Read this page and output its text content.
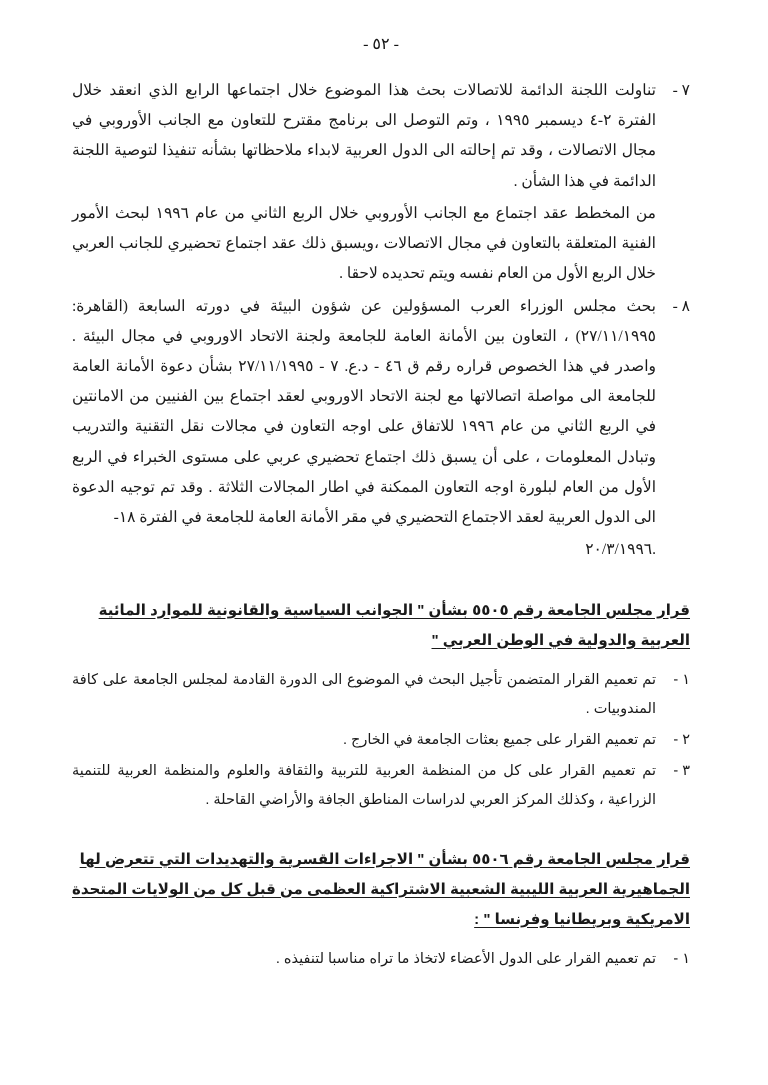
- ٥٢ -
٧ -
تناولت اللجنة الدائمة للاتصالات بحث هذا الموضوع خلال اجتماعها الرابع الذي انعقد خلال الفترة ٢-٤ ديسمبر ١٩٩٥ ، وتم التوصل الى برنامج مقترح للتعاون مع الجانب الأوروبي في مجال الاتصالات ، وقد تم إحالته الى الدول العربية لابداء ملاحظاتها بشأنه تنفيذا لتوصية اللجنة الدائمة في هذا الشأن .
من المخطط عقد اجتماع مع الجانب الأوروبي خلال الربع الثاني من عام ١٩٩٦ لبحث الأمور الفنية المتعلقة بالتعاون في مجال الاتصالات ،ويسبق ذلك عقد اجتماع تحضيري للجانب العربي خلال الربع الأول من العام نفسه ويتم تحديده لاحقا .
٨ -
بحث مجلس الوزراء العرب المسؤولين عن شؤون البيئة في دورته السابعة (القاهرة: ٢٧/١١/١٩٩٥) ، التعاون بين الأمانة العامة للجامعة ولجنة الاتحاد الاوروبي في مجال البيئة . واصدر في هذا الخصوص قراره رقم ق ٤٦ - د.ع. ٧ - ٢٧/١١/١٩٩٥ بشأن دعوة الأمانة العامة للجامعة الى مواصلة اتصالاتها مع لجنة الاتحاد الاوروبي لعقد اجتماع بين الفنيين من الامانتين في الربع الثاني من عام ١٩٩٦ للاتفاق على اوجه التعاون في مجالات نقل التقنية والتدريب وتبادل المعلومات ، على أن يسبق ذلك اجتماع تحضيري عربي على مستوى الخبراء في الربع الأول من العام لبلورة اوجه التعاون الممكنة في اطار المجالات الثلاثة . وقد تم توجيه الدعوة الى الدول العربية لعقد الاجتماع التحضيري في مقر الأمانة العامة للجامعة في الفترة ١٨-
.٢٠/٣/١٩٩٦
قرار مجلس الجامعة رقم ٥٥٠٥ بشأن " الجوانب السياسية والقانونية للموارد المائية
العربية والدولية في الوطن العربي "
١ -
تم تعميم القرار المتضمن تأجيل البحث في الموضوع الى الدورة القادمة لمجلس الجامعة على كافة المندوبيات .
٢ -
تم تعميم القرار على جميع بعثات الجامعة في الخارج .
٣ -
تم تعميم القرار على كل من المنظمة العربية للتربية والثقافة والعلوم والمنظمة العربية للتنمية الزراعية ، وكذلك المركز العربي لدراسات المناطق الجافة والأراضي القاحلة .
قرار مجلس الجامعة رقم ٥٥٠٦ بشأن " الاجراءات القسرية والتهديدات التي تتعرض لها
الجماهيرية العربية الليبية الشعبية الاشتراكية العظمى من قبل كل من الولايات المتحدة
الامريكية وبريطانيا وفرنسا " :
١ -
تم تعميم القرار على الدول الأعضاء لاتخاذ ما تراه مناسبا لتنفيذه .
